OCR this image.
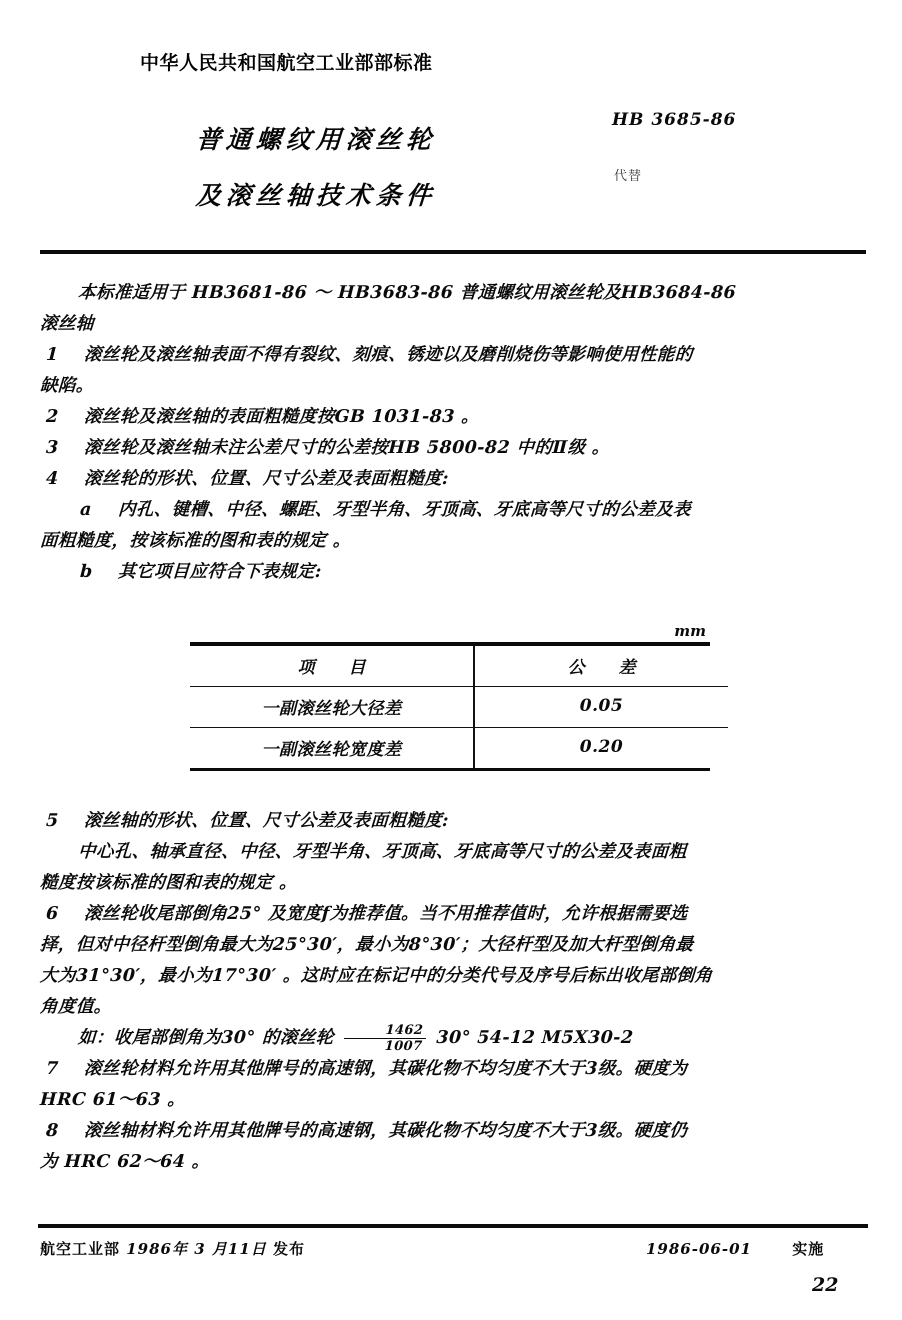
中华人民共和国航空工业部部标准
普通螺纹用滚丝轮
及滚丝轴技术条件
HB 3685-86
代替
本标准适用于 HB3681-86 ～ HB3683-86 普通螺纹用滚丝轮及HB3684-86
滚丝轴
1 滚丝轮及滚丝轴表面不得有裂纹、刻痕、锈迹以及磨削烧伤等影响使用性能的
缺陷。
2 滚丝轮及滚丝轴的表面粗糙度按GB 1031-83 。
3 滚丝轮及滚丝轴未注公差尺寸的公差按HB 5800-82 中的Ⅱ级 。
4 滚丝轮的形状、位置、尺寸公差及表面粗糙度:
a 内孔、键槽、中径、螺距、牙型半角、牙顶高、牙底高等尺寸的公差及表
面粗糙度，按该标准的图和表的规定 。
b 其它项目应符合下表规定:
mm
项 目	公 差
一副滚丝轮大径差	0.05
一副滚丝轮宽度差	0.20
5 滚丝轴的形状、位置、尺寸公差及表面粗糙度:
中心孔、轴承直径、中径、牙型半角、牙顶高、牙底高等尺寸的公差及表面粗
糙度按该标准的图和表的规定 。
6 滚丝轮收尾部倒角25° 及宽度f为推荐值。当不用推荐值时，允许根据需要选
择，但对中径杆型倒角最大为25°30′，最小为8°30′；大径杆型及加大杆型倒角最
大为31°30′，最小为17°30′ 。这时应在标记中的分类代号及序号后标出收尾部倒角
角度值。
如：收尾部倒角为30° 的滚丝轮 $\frac{1462}{1007} 30^\circ$ 54-12 M5X30-2
7 滚丝轮材料允许用其他牌号的高速钢，其碳化物不均匀度不大于3级。硬度为
HRC 61～63 。
8 滚丝轴材料允许用其他牌号的高速钢，其碳化物不均匀度不大于3级。硬度仍
为 HRC 62～64 。
航空工业部 1986年 3 月11日 发布	1986-06-01	实施
22
